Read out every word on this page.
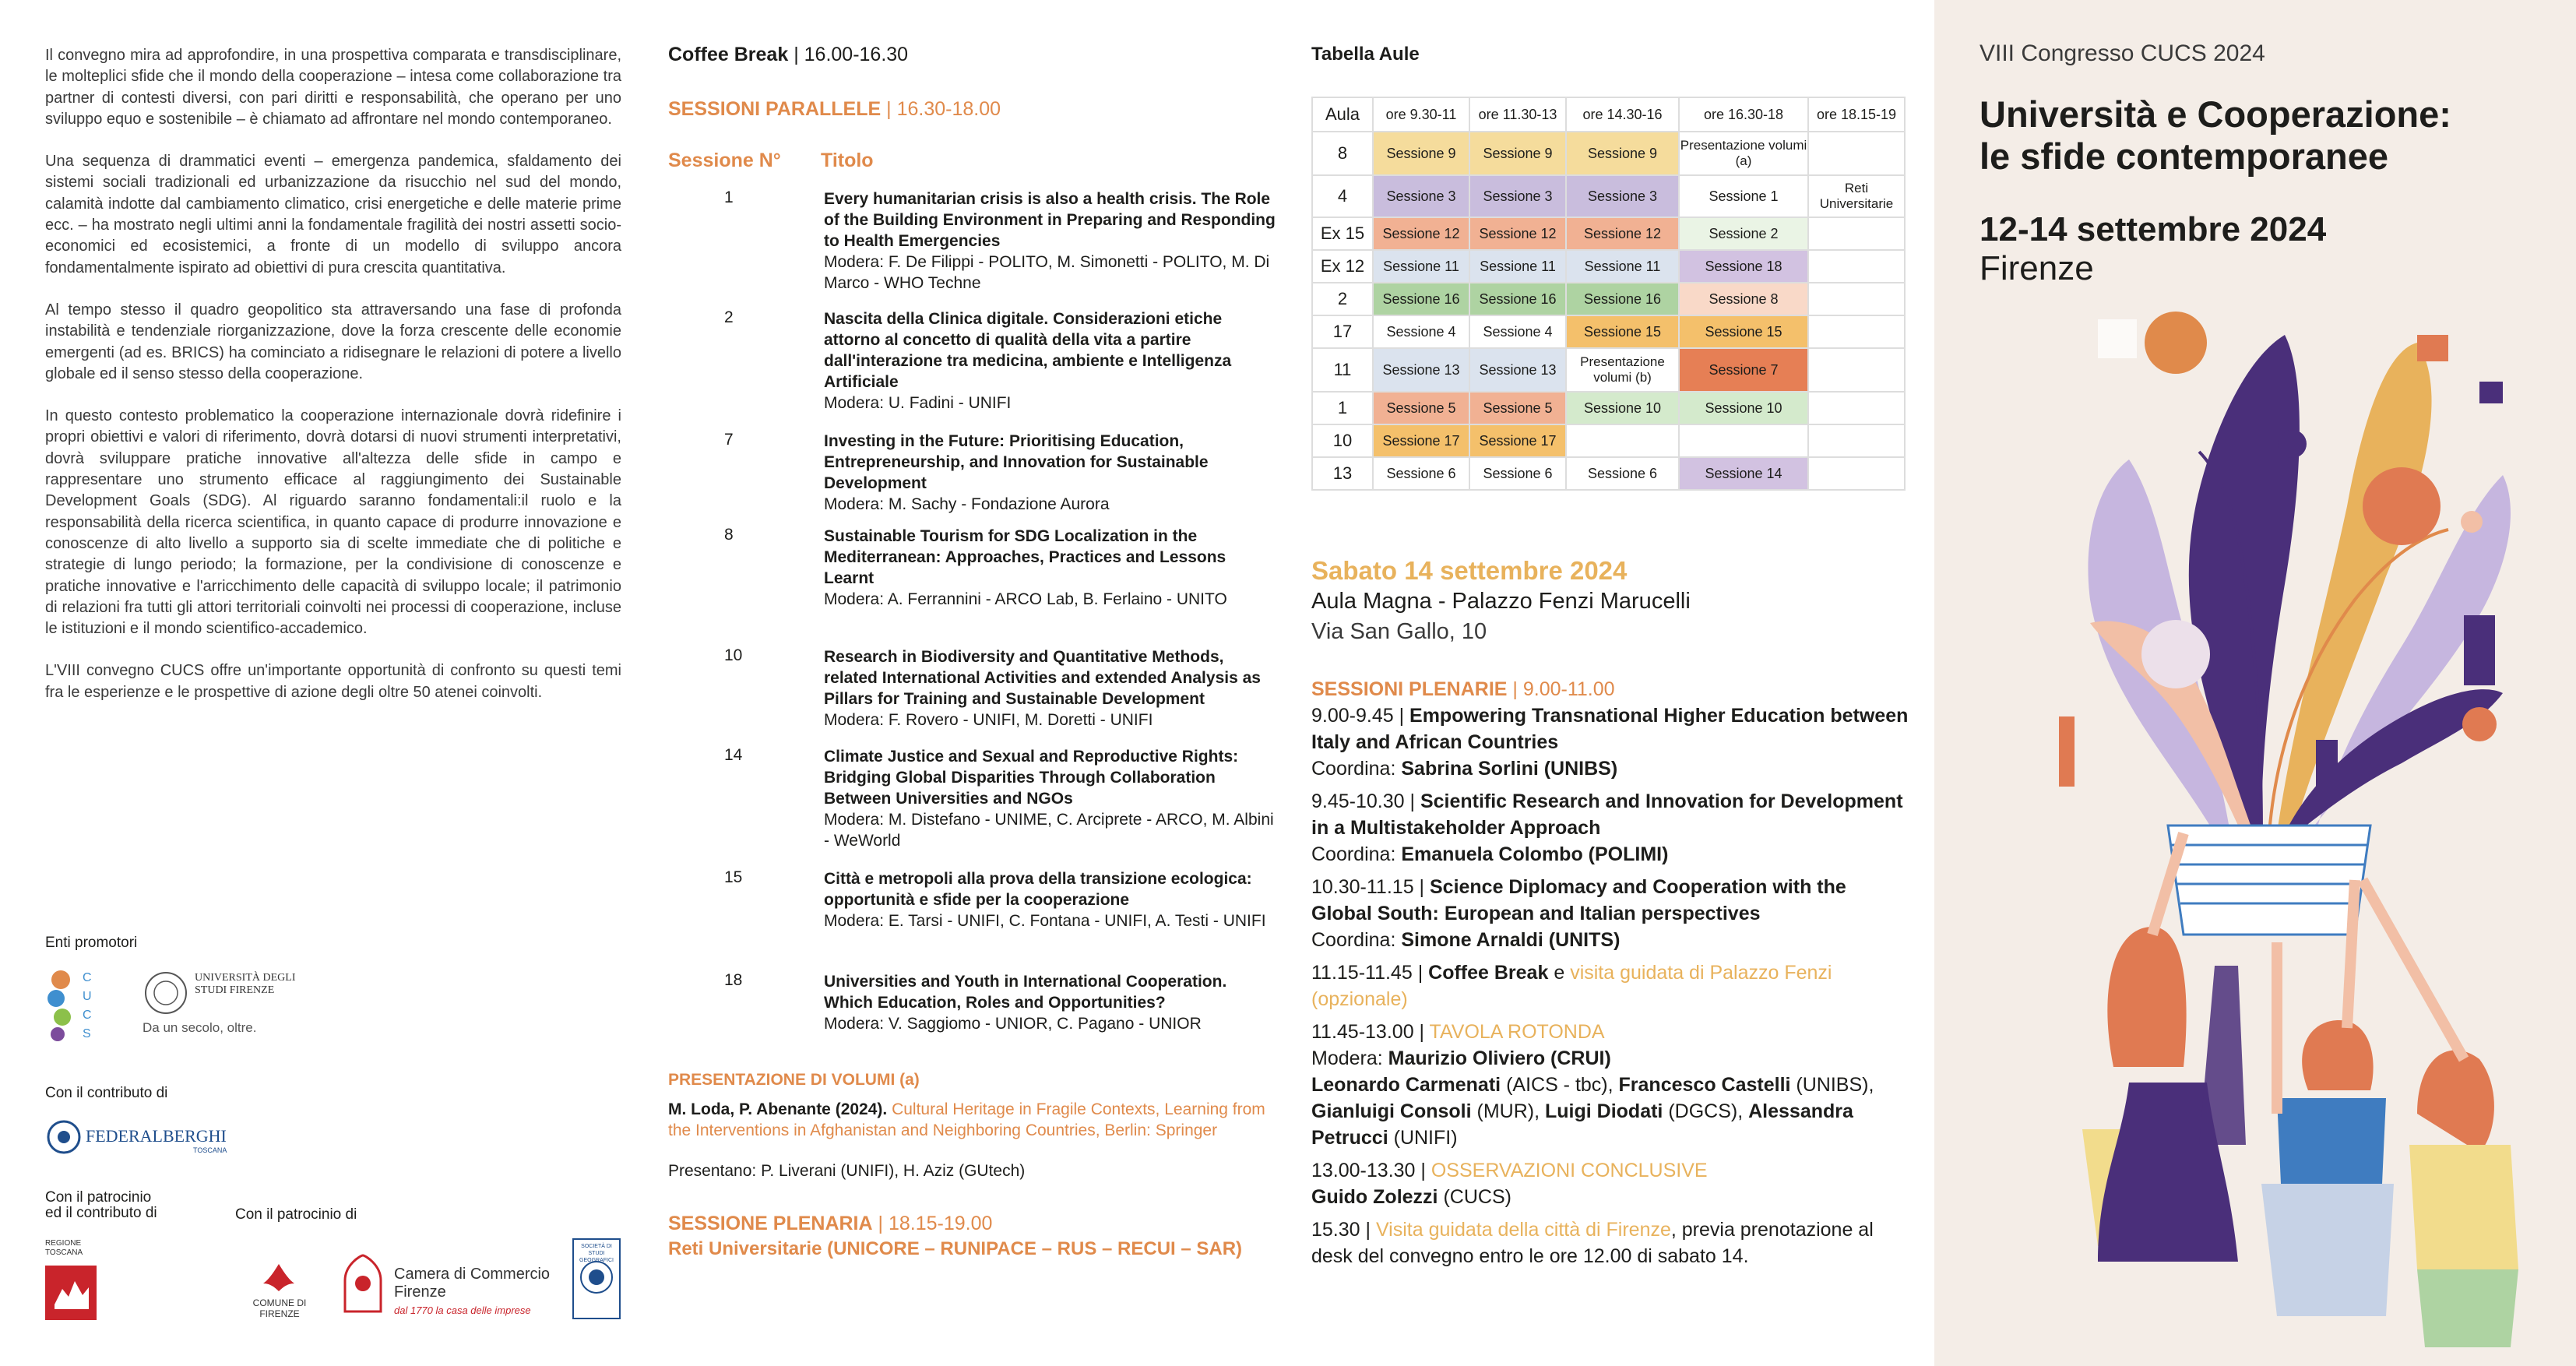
Il convegno mira ad approfondire, in una prospettiva comparata e transdisciplinare, le molteplici sfide che il mondo della cooperazione – intesa come collaborazione tra partner di contesti diversi, con pari diritti e responsabilità, che operano per uno sviluppo equo e sostenibile – è chiamato ad affrontare nel mondo contemporaneo.

Una sequenza di drammatici eventi – emergenza pandemica, sfaldamento dei sistemi sociali tradizionali ed urbanizzazione da risucchio nel sud del mondo, calamità indotte dal cambiamento climatico, crisi energetiche e delle materie prime ecc. – ha mostrato negli ultimi anni la fondamentale fragilità dei nostri assetti socio-economici ed ecosistemici, a fronte di un modello di sviluppo ancora fondamentalmente ispirato ad obiettivi di pura crescita quantitativa.

Al tempo stesso il quadro geopolitico sta attraversando una fase di profonda instabilità e tendenziale riorganizzazione, dove la forza crescente delle economie emergenti (ad es. BRICS) ha cominciato a ridisegnare le relazioni di potere a livello globale ed il senso stesso della cooperazione.

In questo contesto problematico la cooperazione internazionale dovrà ridefinire i propri obiettivi e valori di riferimento, dovrà dotarsi di nuovi strumenti interpretativi, dovrà sviluppare pratiche innovative all'altezza delle sfide in campo e rappresentare uno strumento efficace al raggiungimento dei Sustainable Development Goals (SDG). Al riguardo saranno fondamentali:il ruolo e la responsabilità della ricerca scientifica, in quanto capace di produrre innovazione e conoscenze di alto livello a supporto sia di scelte immediate che di politiche e strategie di lungo periodo; la formazione, per la condivisione di conoscenze e pratiche innovative e l'arricchimento delle capacità di sviluppo locale; il patrimonio di relazioni fra tutti gli attori territoriali coinvolti nei processi di cooperazione, incluse le istituzioni e il mondo scientifico-accademico.

L'VIII convegno CUCS offre un'importante opportunità di confronto su questi temi fra le esperienze e le prospettive di azione degli oltre 50 atenei coinvolti.

Enti promotori
C
U
C
S
UNIVERSITÀ DEGLI STUDI FIRENZE
Da un secolo, oltre.
Con il contributo di
FEDERALBERGHI
TOSCANA
Con il patrocinio
ed il contributo di	Con il patrocinio di
REGIONE TOSCANA
COMUNE DI FIRENZE
Camera di Commercio
Firenze
dal 1770 la casa delle imprese
SOCIETÀ DI STUDI GEOGRAFICI
Coffee Break | 16.00-16.30
SESSIONI PARALLELE | 16.30-18.00
Sessione N° Titolo
1	Every humanitarian crisis is also a health crisis. The Role of the Building Environment in Preparing and Responding to Health Emergencies
Modera: F. De Filippi - POLITO, M. Simonetti - POLITO, M. Di Marco - WHO Techne
2	Nascita della Clinica digitale. Considerazioni etiche attorno al concetto di qualità della vita a partire dall'interazione tra medicina, ambiente e Intelligenza Artificiale
Modera: U. Fadini - UNIFI
7	Investing in the Future: Prioritising Education, Entrepreneurship, and Innovation for Sustainable Development
Modera: M. Sachy - Fondazione Aurora
8	Sustainable Tourism for SDG Localization in the Mediterranean: Approaches, Practices and Lessons Learnt
Modera: A. Ferrannini - ARCO Lab, B. Ferlaino - UNITO
10	Research in Biodiversity and Quantitative Methods, related International Activities and extended Analysis as Pillars for Training and Sustainable Development
Modera: F. Rovero - UNIFI, M. Doretti - UNIFI
14	Climate Justice and Sexual and Reproductive Rights: Bridging Global Disparities Through Collaboration Between Universities and NGOs
Modera: M. Distefano - UNIME, C. Arciprete - ARCO, M. Albini - WeWorld
15	Città e metropoli alla prova della transizione ecologica: opportunità e sfide per la cooperazione
Modera: E. Tarsi - UNIFI, C. Fontana - UNIFI, A. Testi - UNIFI
18	Universities and Youth in International Cooperation. Which Education, Roles and Opportunities?
Modera: V. Saggiomo - UNIOR, C. Pagano - UNIOR
PRESENTAZIONE DI VOLUMI (a)
M. Loda, P. Abenante (2024). Cultural Heritage in Fragile Contexts, Learning from the Interventions in Afghanistan and Neighboring Countries, Berlin: Springer
Presentano: P. Liverani (UNIFI), H. Aziz (GUtech)
SESSIONE PLENARIA | 18.15-19.00
Reti Universitarie (UNICORE – RUNIPACE – RUS – RECUI – SAR)
Tabella Aule
Aula	ore 9.30-11	ore 11.30-13	ore 14.30-16	ore 16.30-18	ore 18.15-19
8	Sessione 9	Sessione 9	Sessione 9	Presentazione volumi (a)	
4	Sessione 3	Sessione 3	Sessione 3	Sessione 1	Reti Universitarie
Ex 15	Sessione 12	Sessione 12	Sessione 12	Sessione 2	
Ex 12	Sessione 11	Sessione 11	Sessione 11	Sessione 18	
2	Sessione 16	Sessione 16	Sessione 16	Sessione 8	
17	Sessione 4	Sessione 4	Sessione 15	Sessione 15	
11	Sessione 13	Sessione 13	Presentazione volumi (b)	Sessione 7	
1	Sessione 5	Sessione 5	Sessione 10	Sessione 10	
10	Sessione 17	Sessione 17			
13	Sessione 6	Sessione 6	Sessione 6	Sessione 14	
Sabato 14 settembre 2024
Aula Magna - Palazzo Fenzi Marucelli
Via San Gallo, 10
SESSIONI PLENARIE | 9.00-11.00
9.00-9.45 | Empowering Transnational Higher Education between Italy and African Countries
Coordina: Sabrina Sorlini (UNIBS)
9.45-10.30 | Scientific Research and Innovation for Development in a Multistakeholder Approach
Coordina: Emanuela Colombo (POLIMI)
10.30-11.15 | Science Diplomacy and Cooperation with the Global South: European and Italian perspectives
Coordina: Simone Arnaldi (UNITS)
11.15-11.45 | Coffee Break e visita guidata di Palazzo Fenzi (opzionale)
11.45-13.00 | TAVOLA ROTONDA
Modera: Maurizio Oliviero (CRUI)
Leonardo Carmenati (AICS - tbc), Francesco Castelli (UNIBS), Gianluigi Consoli (MUR), Luigi Diodati (DGCS), Alessandra Petrucci (UNIFI)
13.00-13.30 | OSSERVAZIONI CONCLUSIVE
Guido Zolezzi (CUCS)
15.30 | Visita guidata della città di Firenze, previa prenotazione al desk del convegno entro le ore 12.00 di sabato 14.
VIII Congresso CUCS 2024
Università e Cooperazione:
le sfide contemporanee
12-14 settembre 2024
Firenze
